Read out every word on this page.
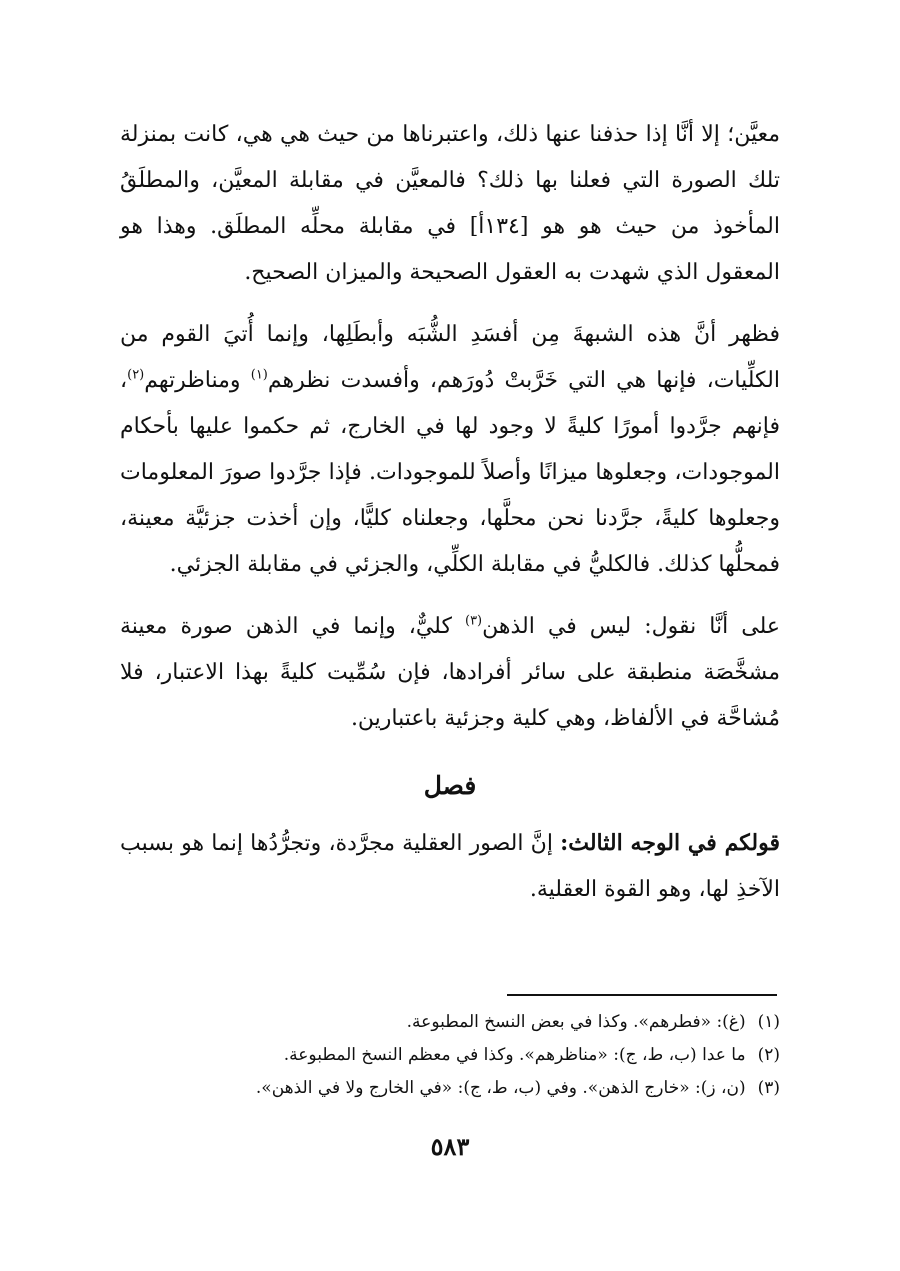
معيَّن؛ إلا أنَّا إذا حذفنا عنها ذلك، واعتبرناها من حيث هي هي، كانت بمنزلة تلك الصورة التي فعلنا بها ذلك؟ فالمعيَّن في مقابلة المعيَّن، والمطلَقُ المأخوذ من حيث هو هو [١٣٤أ] في مقابلة محلِّه المطلَق. وهذا هو المعقول الذي شهدت به العقول الصحيحة والميزان الصحيح.

فظهر أنَّ هذه الشبهةَ مِن أفسَدِ الشُّبَه وأبطَلِها، وإنما أُتيَ القوم من الكلِّيات، فإنها هي التي خَرَّبتْ دُورَهم، وأفسدت نظرهم$^{(١)}$ ومناظرتهم$^{(٢)}$، فإنهم جرَّدوا أمورًا كليةً لا وجود لها في الخارج، ثم حكموا عليها بأحكام الموجودات، وجعلوها ميزانًا وأصلاً للموجودات. فإذا جرَّدوا صورَ المعلومات وجعلوها كليةً، جرَّدنا نحن محلَّها، وجعلناه كليًّا، وإن أخذت جزئيَّة معينة، فمحلُّها كذلك. فالكليُّ في مقابلة الكلِّي، والجزئي في مقابلة الجزئي.

على أنَّا نقول: ليس في الذهن$^{(٣)}$ كليٌّ، وإنما في الذهن صورة معينة مشخَّصَة منطبقة على سائر أفرادها، فإن سُمِّيت كليةً بهذا الاعتبار، فلا مُشاحَّة في الألفاظ، وهي كلية وجزئية باعتبارين.

فصل

قولكم في الوجه الثالث: إنَّ الصور العقلية مجرَّدة، وتجرُّدُها إنما هو بسبب الآخذِ لها، وهو القوة العقلية.

(١)(غ): «فطرهم». وكذا في بعض النسخ المطبوعة.
(٢)ما عدا (ب، ط، ج): «مناظرهم». وكذا في معظم النسخ المطبوعة.
(٣)(ن، ز): «خارج الذهن». وفي (ب، ط، ج): «في الخارج ولا في الذهن».
٥٨٣
